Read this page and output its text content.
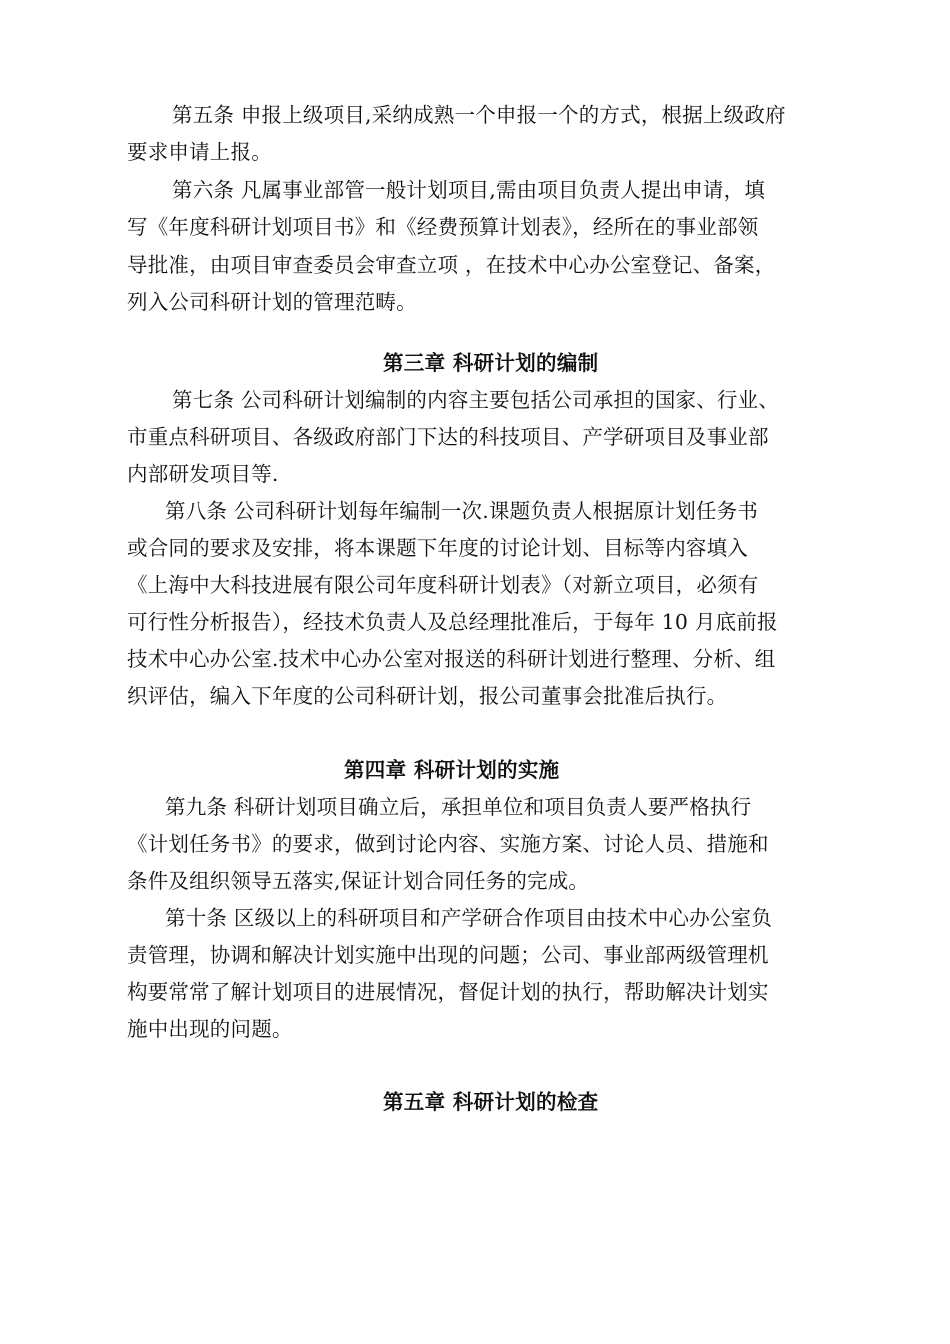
第五条 申报上级项目,采纳成熟一个申报一个的方式，根据上级政府
要求申请上报。
第六条 凡属事业部管一般计划项目,需由项目负责人提出申请，填
写《年度科研计划项目书》和《经费预算计划表》，经所在的事业部领
导批准，由项目审查委员会审查立项 ，在技术中心办公室登记、备案，
列入公司科研计划的管理范畴。
第三章 科研计划的编制
第七条 公司科研计划编制的内容主要包括公司承担的国家、行业、
市重点科研项目、各级政府部门下达的科技项目、产学研项目及事业部
内部研发项目等.
第八条 公司科研计划每年编制一次.课题负责人根据原计划任务书
或合同的要求及安排，将本课题下年度的讨论计划、目标等内容填入
《上海中大科技进展有限公司年度科研计划表》（对新立项目，必须有
可行性分析报告），经技术负责人及总经理批准后，于每年 10 月底前报
技术中心办公室.技术中心办公室对报送的科研计划进行整理、分析、组
织评估，编入下年度的公司科研计划，报公司董事会批准后执行。
第四章 科研计划的实施
第九条 科研计划项目确立后，承担单位和项目负责人要严格执行
《计划任务书》的要求，做到讨论内容、实施方案、讨论人员、措施和
条件及组织领导五落实,保证计划合同任务的完成。
第十条 区级以上的科研项目和产学研合作项目由技术中心办公室负
责管理，协调和解决计划实施中出现的问题；公司、事业部两级管理机
构要常常了解计划项目的进展情况，督促计划的执行，帮助解决计划实
施中出现的问题。
第五章 科研计划的检查
